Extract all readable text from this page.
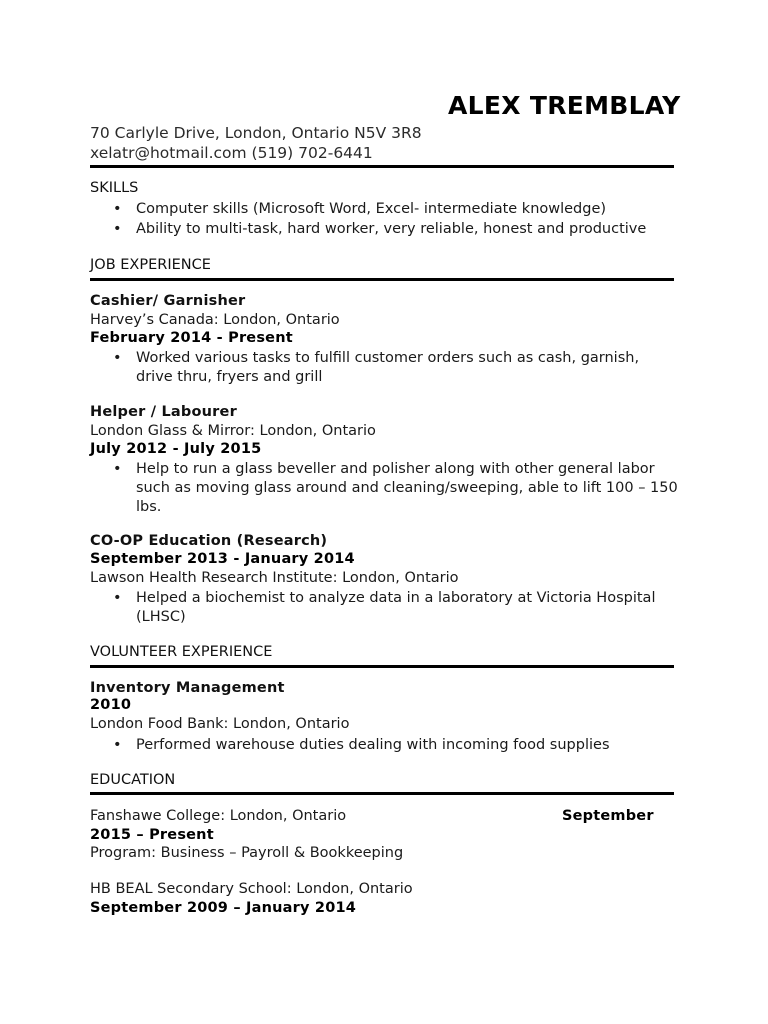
ALEX TREMBLAY
70 Carlyle Drive, London, Ontario N5V 3R8
xelatr@hotmail.com (519) 702-6441
SKILLS
• Computer skills (Microsoft Word, Excel- intermediate knowledge)
• Ability to multi-task, hard worker, very reliable, honest and productive
JOB EXPERIENCE
Cashier/ Garnisher
Harvey’s Canada: London, Ontario
February 2014 - Present
• Worked various tasks to fulfill customer orders such as cash, garnish, drive thru, fryers and grill
Helper / Labourer
London Glass & Mirror: London, Ontario
July 2012 - July 2015
• Help to run a glass beveller and polisher along with other general labor such as moving glass around and cleaning/sweeping, able to lift 100 – 150 lbs.
CO-OP Education (Research)
September 2013 - January 2014
Lawson Health Research Institute: London, Ontario
• Helped a biochemist to analyze data in a laboratory at Victoria Hospital (LHSC)
VOLUNTEER EXPERIENCE
Inventory Management
2010
London Food Bank: London, Ontario
• Performed warehouse duties dealing with incoming food supplies
EDUCATION
Fanshawe College: London, Ontario	September
2015 – Present
Program: Business – Payroll & Bookkeeping
HB BEAL Secondary School: London, Ontario
September 2009 – January 2014
